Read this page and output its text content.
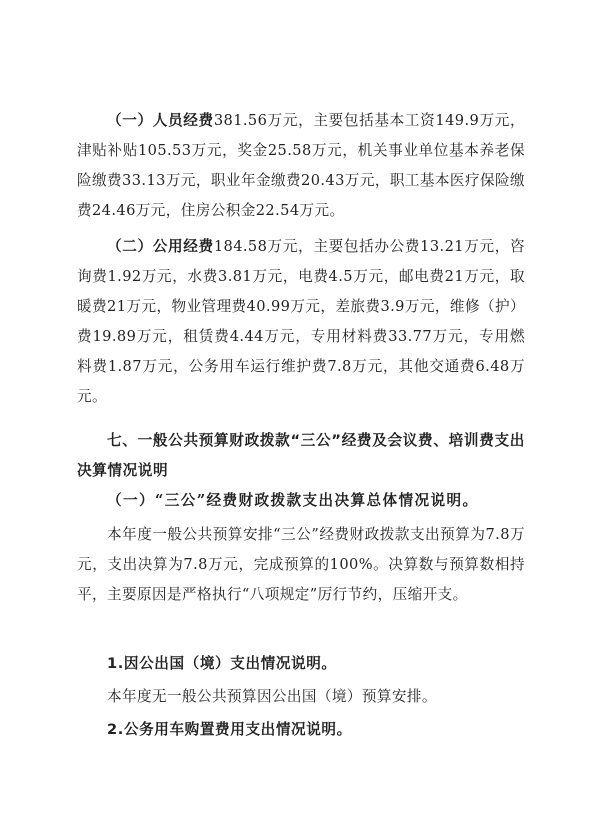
（一）人员经费381.56万元，主要包括基本工资149.9万元，津贴补贴105.53万元，奖金25.58万元，机关事业单位基本养老保险缴费33.13万元，职业年金缴费20.43万元，职工基本医疗保险缴费24.46万元，住房公积金22.54万元。

（二）公用经费184.58万元，主要包括办公费13.21万元，咨询费1.92万元，水费3.81万元，电费4.5万元，邮电费21万元，取暖费21万元，物业管理费40.99万元，差旅费3.9万元，维修（护）费19.89万元，租赁费4.44万元，专用材料费33.77万元，专用燃料费1.87万元，公务用车运行维护费7.8万元，其他交通费6.48万元。

七、一般公共预算财政拨款“三公”经费及会议费、培训费支出决算情况说明

（一）“三公”经费财政拨款支出决算总体情况说明。

本年度一般公共预算安排“三公”经费财政拨款支出预算为7.8万元，支出决算为7.8万元，完成预算的100%。决算数与预算数相持平，主要原因是严格执行“八项规定”厉行节约，压缩开支。

1.因公出国（境）支出情况说明。

本年度无一般公共预算因公出国（境）预算安排。

2.公务用车购置费用支出情况说明。
